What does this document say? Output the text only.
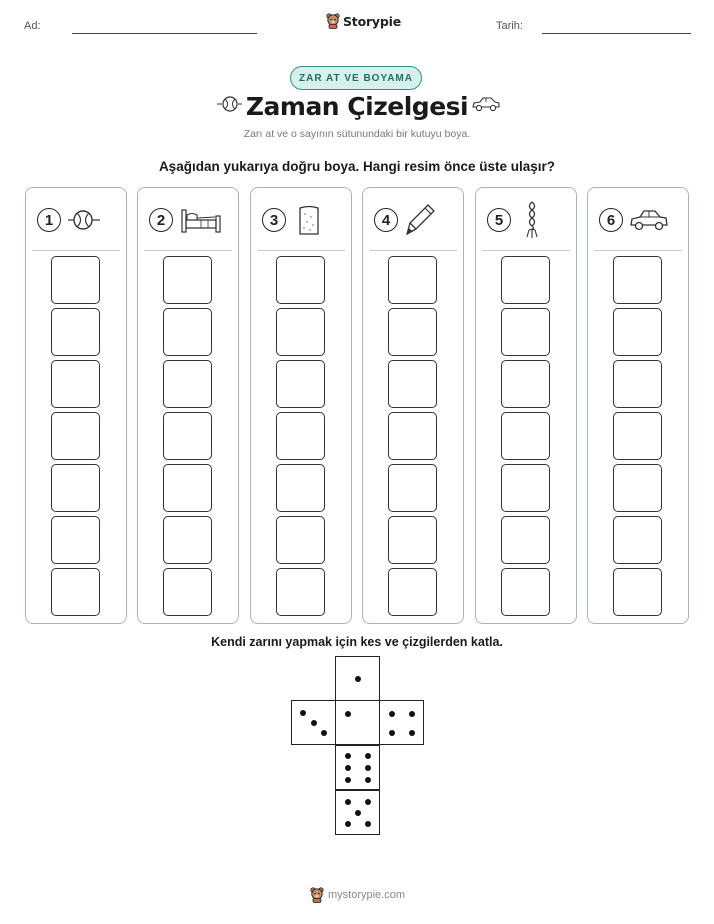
Ad:	Storypie	Tarih:
ZAR AT VE BOYAMA
Zaman Çizelgesi
Zarı at ve o sayının sütunundaki bir kutuyu boya.
Aşağıdan yukarıya doğru boya. Hangi resim önce üste ulaşır?
1	2	3	4	5	6
Kendi zarını yapmak için kes ve çizgilerden katla.
mystorypie.com
